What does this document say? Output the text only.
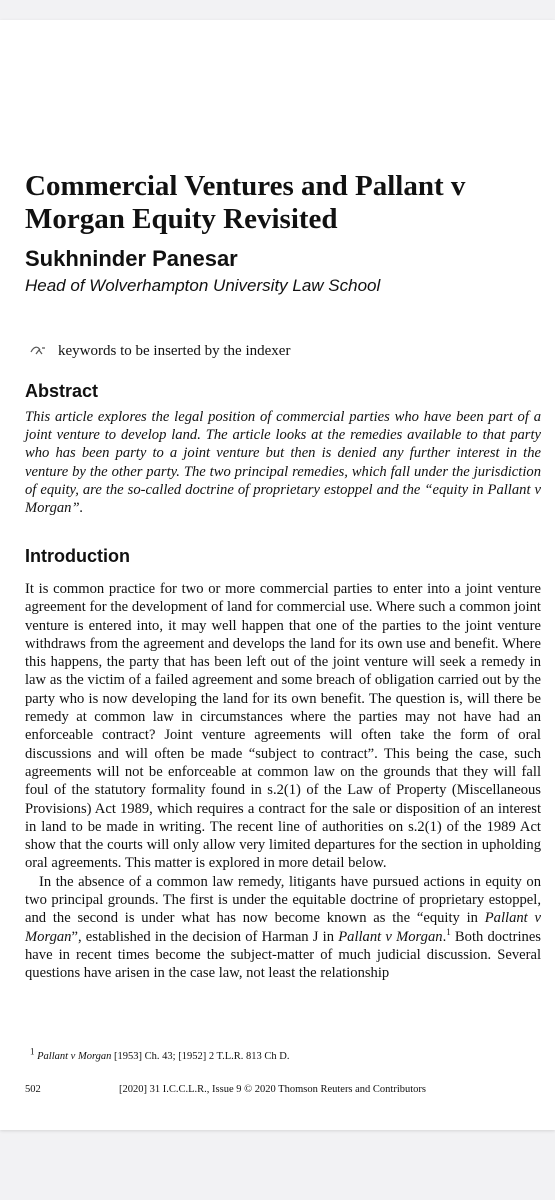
Commercial Ventures and Pallant v Morgan Equity Revisited
Sukhninder Panesar
Head of Wolverhampton University Law School
keywords to be inserted by the indexer
Abstract

This article explores the legal position of commercial parties who have been part of a joint venture to develop land. The article looks at the remedies available to that party who has been party to a joint venture but then is denied any further interest in the venture by the other party. The two principal remedies, which fall under the jurisdiction of equity, are the so-called doctrine of proprietary estoppel and the “equity in Pallant v Morgan”.

Introduction

It is common practice for two or more commercial parties to enter into a joint venture agreement for the development of land for commercial use. Where such a common joint venture is entered into, it may well happen that one of the parties to the joint venture withdraws from the agreement and develops the land for its own use and benefit. Where this happens, the party that has been left out of the joint venture will seek a remedy in law as the victim of a failed agreement and some breach of obligation carried out by the party who is now developing the land for its own benefit. The question is, will there be remedy at common law in circumstances where the parties may not have had an enforceable contract? Joint venture agreements will often take the form of oral discussions and will often be made “subject to contract”. This being the case, such agreements will not be enforceable at common law on the grounds that they will fall foul of the statutory formality found in s.2(1) of the Law of Property (Miscellaneous Provisions) Act 1989, which requires a contract for the sale or disposition of an interest in land to be made in writing. The recent line of authorities on s.2(1) of the 1989 Act show that the courts will only allow very limited departures for the section in upholding oral agreements. This matter is explored in more detail below.

In the absence of a common law remedy, litigants have pursued actions in equity on two principal grounds. The first is under the equitable doctrine of proprietary estoppel, and the second is under what has now become known as the “equity in Pallant v Morgan”, established in the decision of Harman J in Pallant v Morgan.$^1$ Both doctrines have in recent times become the subject-matter of much judicial discussion. Several questions have arisen in the case law, not least the relationship

$^1$ Pallant v Morgan [1953] Ch. 43; [1952] 2 T.L.R. 813 Ch D.
502	[2020] 31 I.C.C.L.R., Issue 9 © 2020 Thomson Reuters and Contributors
